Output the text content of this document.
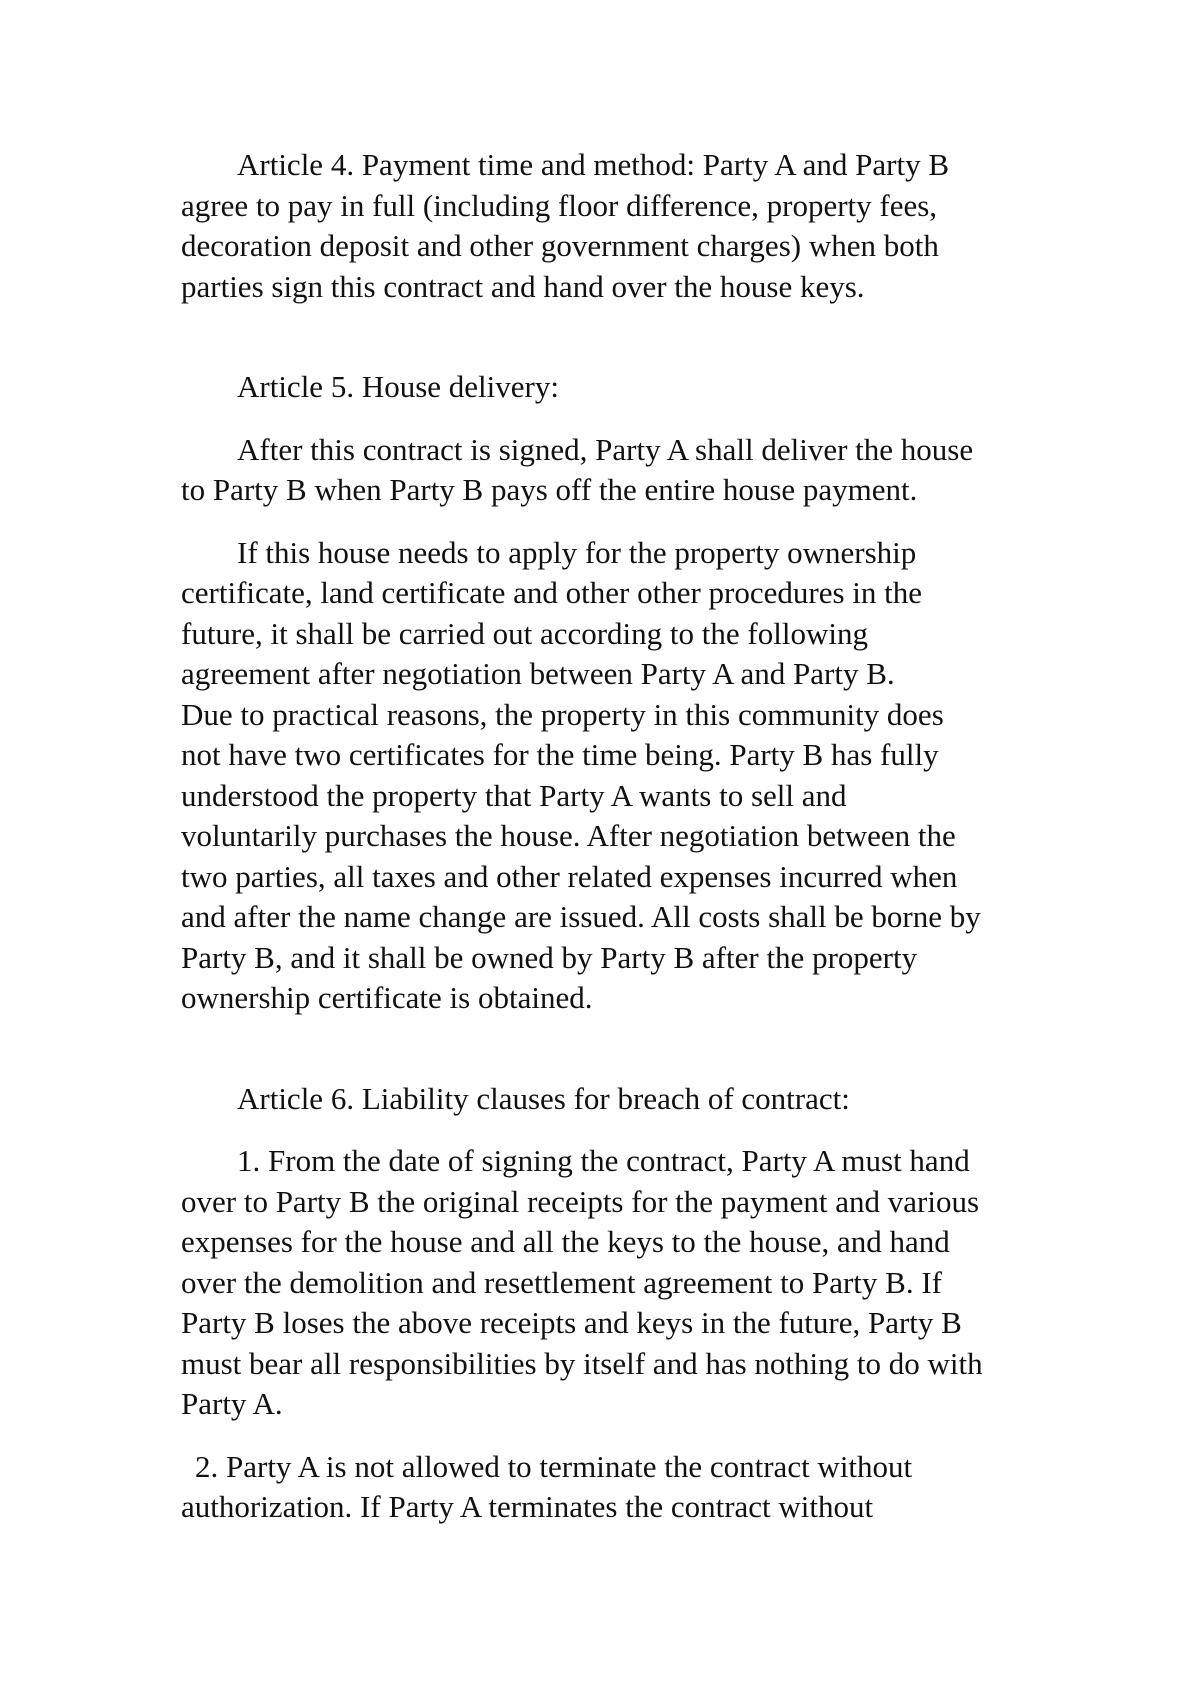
Article 4. Payment time and method: Party A and Party B
agree to pay in full (including floor difference, property fees,
decoration deposit and other government charges) when both
parties sign this contract and hand over the house keys.

Article 5. House delivery:

After this contract is signed, Party A shall deliver the house
to Party B when Party B pays off the entire house payment.

If this house needs to apply for the property ownership
certificate, land certificate and other other procedures in the
future, it shall be carried out according to the following
agreement after negotiation between Party A and Party B.
Due to practical reasons, the property in this community does
not have two certificates for the time being. Party B has fully
understood the property that Party A wants to sell and
voluntarily purchases the house. After negotiation between the
two parties, all taxes and other related expenses incurred when
and after the name change are issued. All costs shall be borne by
Party B, and it shall be owned by Party B after the property
ownership certificate is obtained.

Article 6. Liability clauses for breach of contract:

1. From the date of signing the contract, Party A must hand
over to Party B the original receipts for the payment and various
expenses for the house and all the keys to the house, and hand
over the demolition and resettlement agreement to Party B. If
Party B loses the above receipts and keys in the future, Party B
must bear all responsibilities by itself and has nothing to do with
Party A.

2. Party A is not allowed to terminate the contract without
authorization. If Party A terminates the contract without
